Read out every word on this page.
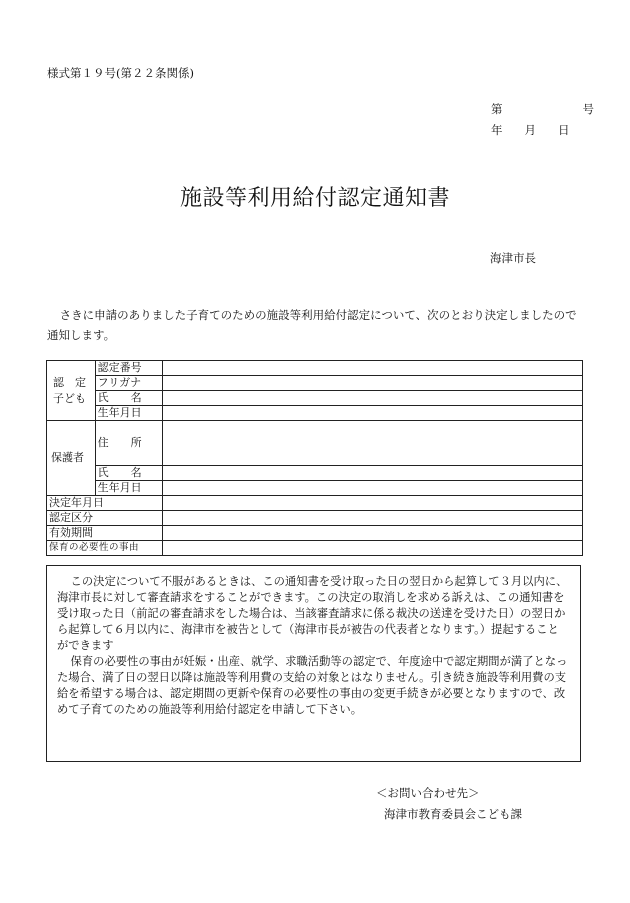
様式第１９号(第２２条関係)
第	号
年 月 日
施設等利用給付認定通知書
海津市長
さきに申請のありました子育てのための施設等利用給付認定について、次のとおり決定しましたので通知します。
認　定
子ども	認定番号	
	フリガナ	
	氏　　名	
	生年月日	

保護者	住　　所	
	氏　　名	
	生年月日	
決定年月日		
認定区分		
有効期間		
保育の必要性の事由		

この決定について不服があるときは、この通知書を受け取った日の翌日から起算して３月以内に、海津市長に対して審査請求をすることができます。この決定の取消しを求める訴えは、この通知書を受け取った日（前記の審査請求をした場合は、当該審査請求に係る裁決の送達を受けた日）の翌日から起算して６月以内に、海津市を被告として（海津市長が被告の代表者となります。）提起することができます

保育の必要性の事由が妊娠・出産、就学、求職活動等の認定で、年度途中で認定期間が満了となった場合、満了日の翌日以降は施設等利用費の支給の対象とはなりません。引き続き施設等利用費の支給を希望する場合は、認定期間の更新や保育の必要性の事由の変更手続きが必要となりますので、改めて子育てのための施設等利用給付認定を申請して下さい。

＜お問い合わせ先＞
海津市教育委員会こども課
